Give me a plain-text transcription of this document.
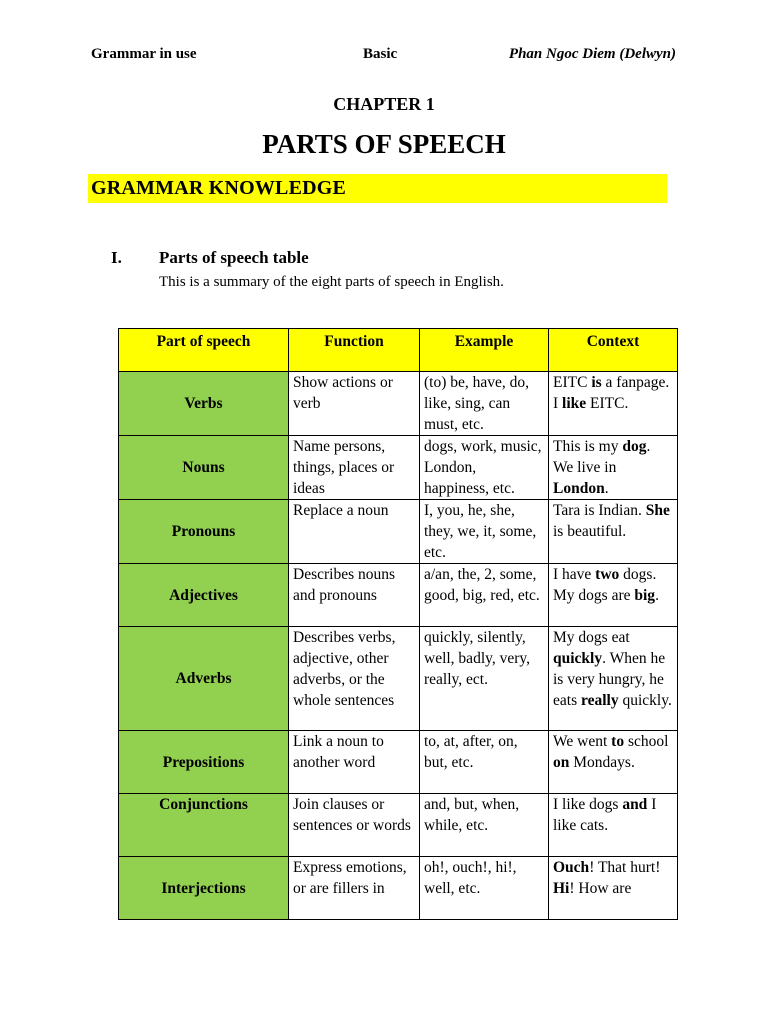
Grammar in use	Basic	Phan Ngoc Diem (Delwyn)
CHAPTER 1
PARTS OF SPEECH
GRAMMAR KNOWLEDGE
I. Parts of speech table
This is a summary of the eight parts of speech in English.
Part of speech	Function	Example	Context
Verbs	Show actions or verb	(to) be, have, do, like, sing, can must, etc.	EITC is a fanpage. I like EITC.
Nouns	Name persons, things, places or ideas	dogs, work, music, London, happiness, etc.	This is my dog. We live in London.
Pronouns	Replace a noun	I, you, he, she, they, we, it, some, etc.	Tara is Indian. She is beautiful.
Adjectives	Describes nouns and pronouns	a/an, the, 2, some, good, big, red, etc.	I have two dogs. My dogs are big.
Adverbs	Describes verbs, adjective, other adverbs, or the whole sentences	quickly, silently, well, badly, very, really, ect.	My dogs eat quickly. When he is very hungry, he eats really quickly.
Prepositions	Link a noun to another word	to, at, after, on, but, etc.	We went to school on Mondays.
Conjunctions	Join clauses or sentences or words	and, but, when, while, etc.	I like dogs and I like cats.
Interjections	Express emotions, or are fillers in	oh!, ouch!, hi!, well, etc.	Ouch! That hurt! Hi! How are
